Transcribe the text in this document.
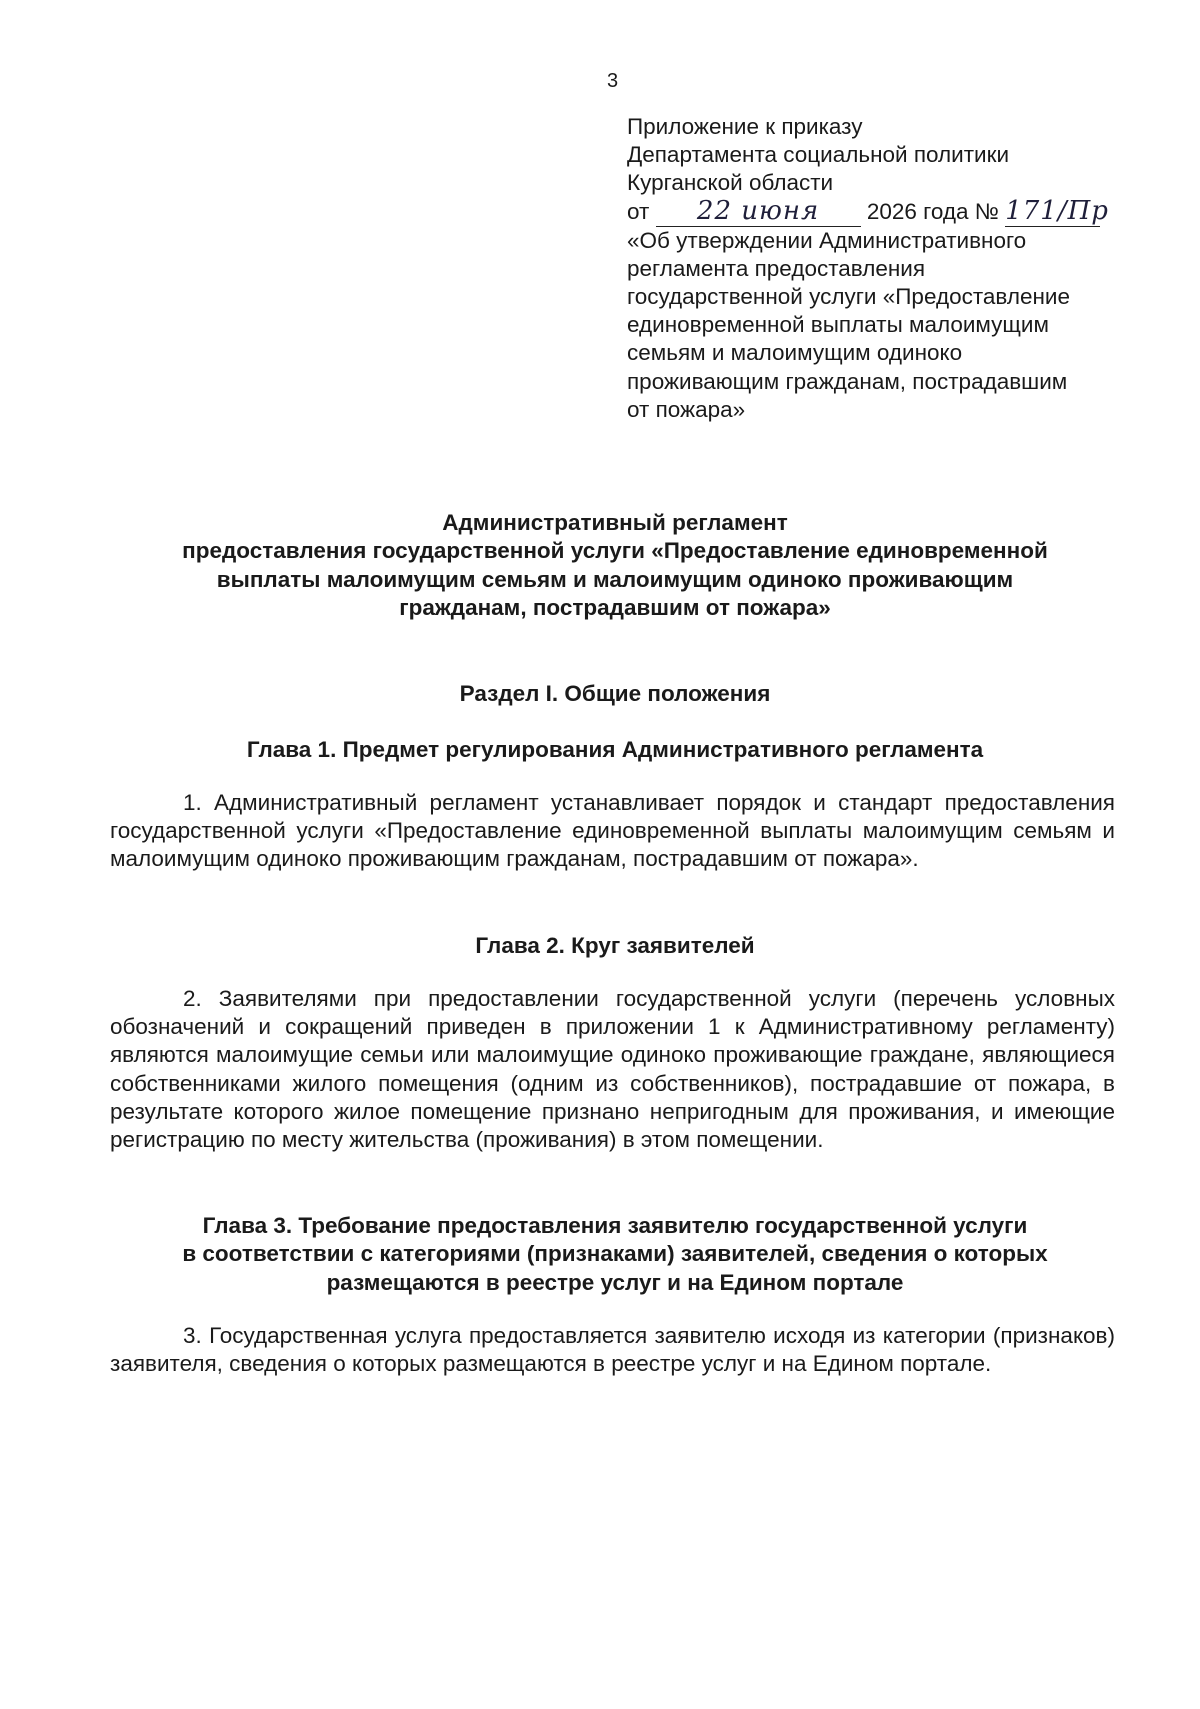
3
Приложение к приказу
Департамента социальной политики
Курганской области
от 22 июня 2026 года № 171/Пр
«Об утверждении Административного
регламента предоставления
государственной услуги «Предоставление
единовременной выплаты малоимущим
семьям и малоимущим одиноко
проживающим гражданам, пострадавшим
от пожара»
Административный регламент
предоставления государственной услуги «Предоставление единовременной
выплаты малоимущим семьям и малоимущим одиноко проживающим
гражданам, пострадавшим от пожара»
Раздел I. Общие положения
Глава 1. Предмет регулирования Административного регламента
1. Административный регламент устанавливает порядок и стандарт предоставления государственной услуги «Предоставление единовременной выплаты малоимущим семьям и малоимущим одиноко проживающим гражданам, пострадавшим от пожара».
Глава 2. Круг заявителей
2. Заявителями при предоставлении государственной услуги (перечень условных обозначений и сокращений приведен в приложении 1 к Административному регламенту) являются малоимущие семьи или малоимущие одиноко проживающие граждане, являющиеся собственниками жилого помещения (одним из собственников), пострадавшие от пожара, в результате которого жилое помещение признано непригодным для проживания, и имеющие регистрацию по месту жительства (проживания) в этом помещении.
Глава 3. Требование предоставления заявителю государственной услуги
в соответствии с категориями (признаками) заявителей, сведения о которых
размещаются в реестре услуг и на Едином портале
3. Государственная услуга предоставляется заявителю исходя из категории (признаков) заявителя, сведения о которых размещаются в реестре услуг и на Едином портале.
